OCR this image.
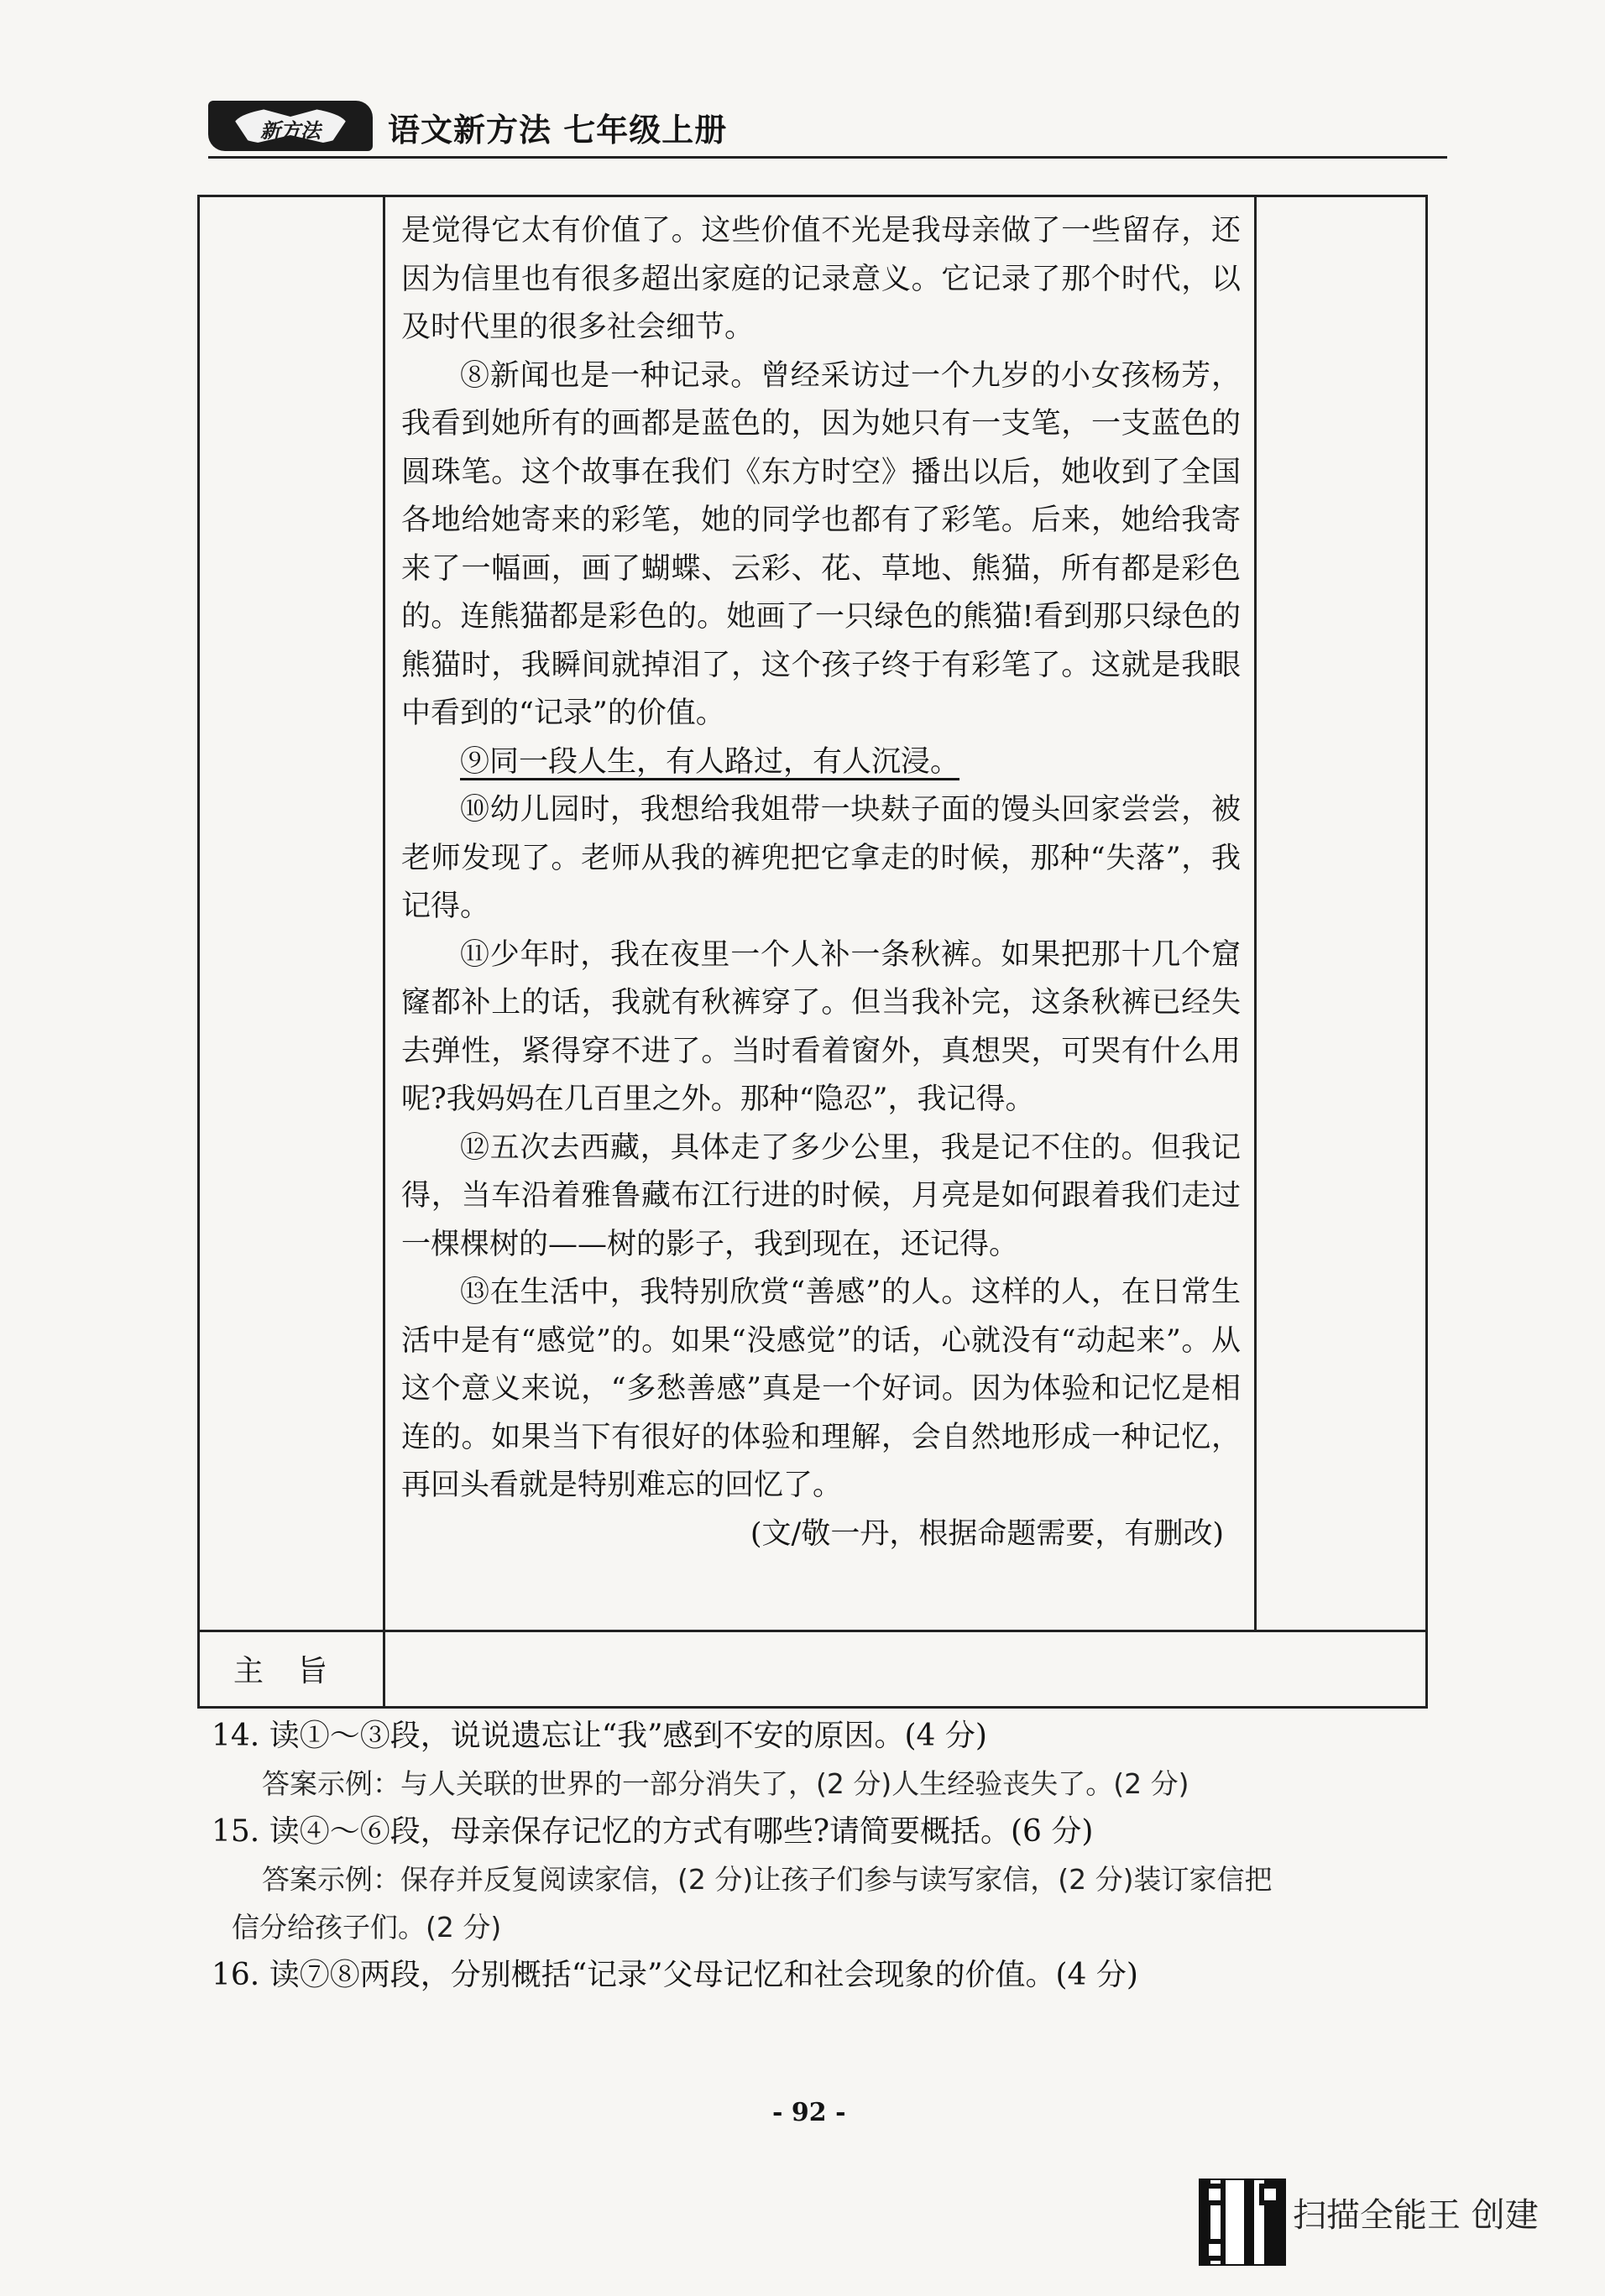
新方法 语文新方法 七年级上册

是觉得它太有价值了。这些价值不光是我母亲做了一些留存，还因为信里也有很多超出家庭的记录意义。它记录了那个时代，以及时代里的很多社会细节。

⑧新闻也是一种记录。曾经采访过一个九岁的小女孩杨芳，我看到她所有的画都是蓝色的，因为她只有一支笔，一支蓝色的圆珠笔。这个故事在我们《东方时空》播出以后，她收到了全国各地给她寄来的彩笔，她的同学也都有了彩笔。后来，她给我寄来了一幅画，画了蝴蝶、云彩、花、草地、熊猫，所有都是彩色的。连熊猫都是彩色的。她画了一只绿色的熊猫!看到那只绿色的熊猫时，我瞬间就掉泪了，这个孩子终于有彩笔了。这就是我眼中看到的“记录”的价值。

⑨同一段人生，有人路过，有人沉浸。

⑩幼儿园时，我想给我姐带一块麸子面的馒头回家尝尝，被老师发现了。老师从我的裤兜把它拿走的时候，那种“失落”，我记得。

⑪少年时，我在夜里一个人补一条秋裤。如果把那十几个窟窿都补上的话，我就有秋裤穿了。但当我补完，这条秋裤已经失去弹性，紧得穿不进了。当时看着窗外，真想哭，可哭有什么用呢?我妈妈在几百里之外。那种“隐忍”，我记得。

⑫五次去西藏，具体走了多少公里，我是记不住的。但我记得，当车沿着雅鲁藏布江行进的时候，月亮是如何跟着我们走过一棵棵树的——树的影子，我到现在，还记得。

⑬在生活中，我特别欣赏“善感”的人。这样的人，在日常生活中是有“感觉”的。如果“没感觉”的话，心就没有“动起来”。从这个意义来说，“多愁善感”真是一个好词。因为体验和记忆是相连的。如果当下有很好的体验和理解，会自然地形成一种记忆，再回头看就是特别难忘的回忆了。

(文/敬一丹，根据命题需要，有删改)

主旨

14. 读①～③段，说说遗忘让“我”感到不安的原因。(4 分)

答案示例：与人关联的世界的一部分消失了，(2 分)人生经验丧失了。(2 分)

15. 读④～⑥段，母亲保存记忆的方式有哪些?请简要概括。(6 分)

答案示例：保存并反复阅读家信，(2 分)让孩子们参与读写家信，(2 分)装订家信把

信分给孩子们。(2 分)

16. 读⑦⑧两段，分别概括“记录”父母记忆和社会现象的价值。(4 分)

- 92 -
扫描全能王 创建
